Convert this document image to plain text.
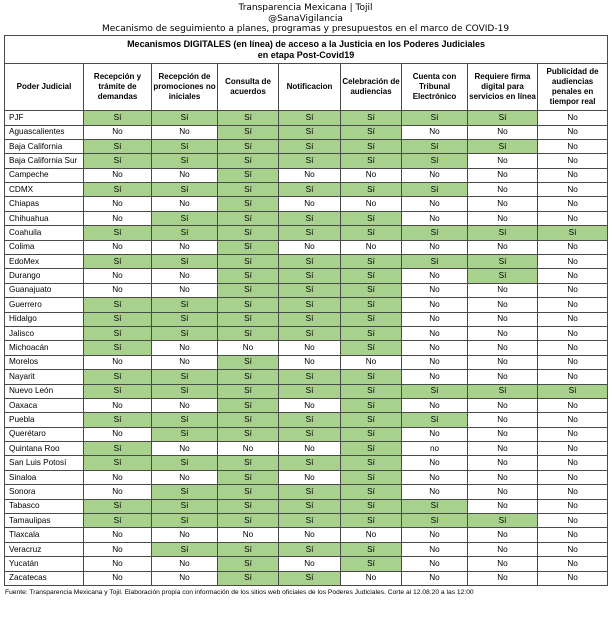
Transparencia Mexicana | Tojil
@SanaVigilancia
Mecanismo de seguimiento a planes, programas y presupuestos en el marco de COVID-19
Mecanismos DIGITALES (en línea) de acceso a la Justicia en los Poderes Judiciales
en etapa Post-Covid19								

Poder Judicial	Recepción y trámite de demandas	Recepción de promociones no iniciales	Consulta de acuerdos	Notificacion	Celebración de audiencias	Cuenta con Tribunal Electrónico	Requiere firma digital para servicios en línea	Publicidad de audiencias penales en tiempor real
PJF	Sí	Sí	Sí	Sí	Sí	Sí	Sí	No
Aguascalientes	No	No	Sí	Sí	Sí	No	No	No
Baja California	Sí	Sí	Sí	Sí	Sí	Sí	Sí	No
Baja California Sur	Sí	Sí	Sí	Sí	Sí	Sí	No	No
Campeche	No	No	Sí	No	No	No	No	No
CDMX	Sí	Sí	Sí	Sí	Sí	Sí	No	No
Chiapas	No	No	Sí	No	No	No	No	No
Chihuahua	No	Sí	Sí	Sí	Sí	No	No	No
Coahuila	Sí	Sí	Sí	Sí	Sí	Sí	Sí	Sí
Colima	No	No	Sí	No	No	No	No	No
EdoMex	Sí	Sí	Sí	Sí	Sí	Sí	Sí	No
Durango	No	No	Sí	Sí	Sí	No	Sí	No
Guanajuato	No	No	Sí	Sí	Sí	No	No	No
Guerrero	Sí	Sí	Sí	Sí	Sí	No	No	No
Hidalgo	Sí	Sí	Sí	Sí	Sí	No	No	No
Jalisco	Sí	Sí	Sí	Sí	Sí	No	No	No
Michoacán	Sí	No	No	No	Sí	No	No	No
Morelos	No	No	Sí	No	No	No	No	No
Nayarit	Sí	Sí	Sí	Sí	Sí	No	No	No
Nuevo León	Sí	Sí	Sí	Sí	Sí	Sí	Sí	Sí
Oaxaca	No	No	Sí	No	Sí	No	No	No
Puebla	Sí	Sí	Sí	Sí	Sí	Sí	No	No
Querétaro	No	Sí	Sí	Sí	Sí	No	No	No
Quintana Roo	Sí	No	No	No	Sí	no	No	No
San Luis Potosí	Sí	Sí	Sí	Sí	Sí	No	No	No
Sinaloa	No	No	Sí	No	Sí	No	No	No
Sonora	No	Sí	Sí	Sí	Sí	No	No	No
Tabasco	Sí	Sí	Sí	Sí	Sí	Sí	No	No
Tamaulipas	Sí	Sí	Sí	Sí	Sí	Sí	Sí	No
Tlaxcala	No	No	No	No	No	No	No	No
Veracruz	No	Sí	Sí	Sí	Sí	No	No	No
Yucatán	No	No	Sí	No	Sí	No	No	No
Zacatecas	No	No	Sí	Sí	No	No	No	No
Fuente: Transparencia Mexicana y Tojil. Elaboración propia con información de los sitios web oficiales de los Poderes Judiciales. Corte al 12.08.20 a las 12:00
